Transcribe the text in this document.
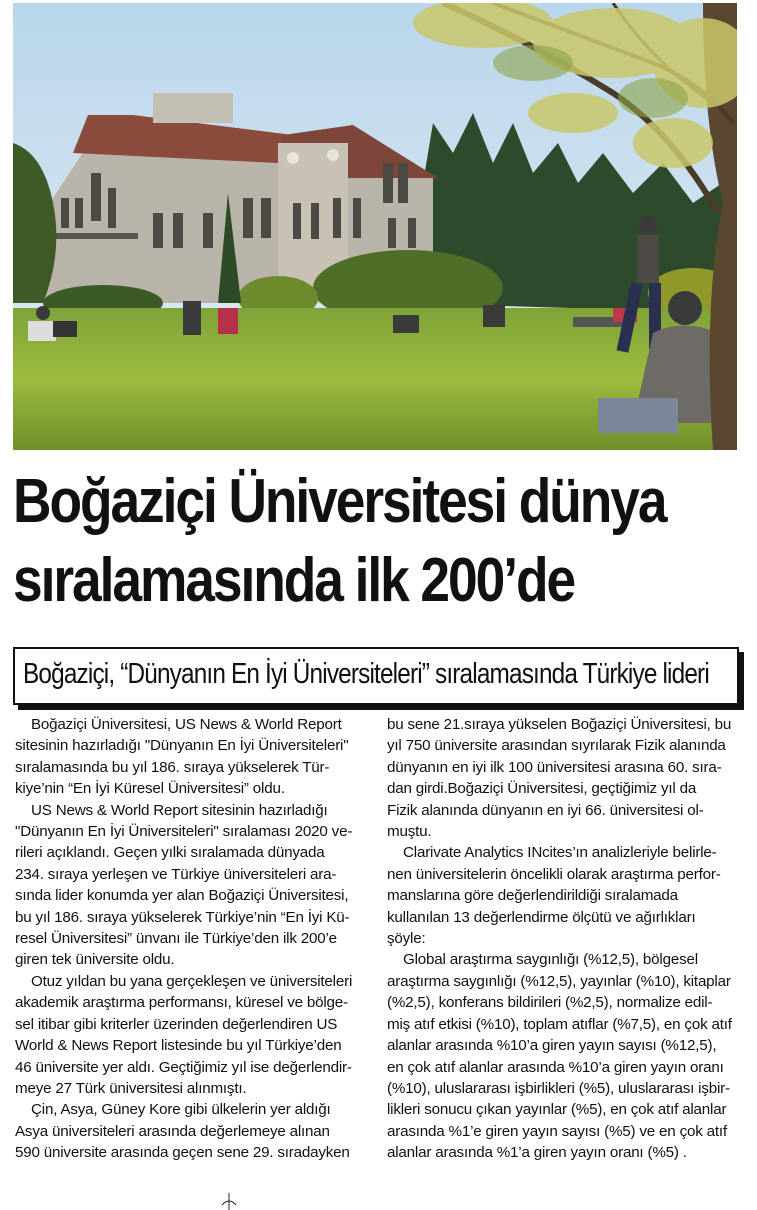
Boğaziçi Üniversitesi dünya
sıralamasında ilk 200’de
Boğaziçi, “Dünyanın En İyi Üniversiteleri” sıralamasında Türkiye lideri

Boğaziçi Üniversitesi, US News & World Report

sitesinin hazırladığı "Dünyanın En İyi Üniversiteleri"

sıralamasında bu yıl 186. sıraya yükselerek Tür-

kiye’nin “En İyi Küresel Üniversitesi” oldu.

US News & World Report sitesinin hazırladığı

"Dünyanın En İyi Üniversiteleri" sıralaması 2020 ve-

rileri açıklandı. Geçen yılki sıralamada dünyada

234. sıraya yerleşen ve Türkiye üniversiteleri ara-

sında lider konumda yer alan Boğaziçi Üniversitesi,

bu yıl 186. sıraya yükselerek Türkiye’nin “En İyi Kü-

resel Üniversitesi” ünvanı ile Türkiye’den ilk 200’e

giren tek üniversite oldu.

Otuz yıldan bu yana gerçekleşen ve üniversiteleri

akademik araştırma performansı, küresel ve bölge-

sel itibar gibi kriterler üzerinden değerlendiren US

World & News Report listesinde bu yıl Türkiye’den

46 üniversite yer aldı. Geçtiğimiz yıl ise değerlendir-

meye 27 Türk üniversitesi alınmıştı.

Çin, Asya, Güney Kore gibi ülkelerin yer aldığı

Asya üniversiteleri arasında değerlemeye alınan

590 üniversite arasında geçen sene 29. sıradayken

bu sene 21.sıraya yükselen Boğaziçi Üniversitesi, bu

yıl 750 üniversite arasından sıyrılarak Fizik alanında

dünyanın en iyi ilk 100 üniversitesi arasına 60. sıra-

dan girdi.Boğaziçi Üniversitesi, geçtiğimiz yıl da

Fizik alanında dünyanın en iyi 66. üniversitesi ol-

muştu.

Clarivate Analytics INcites’ın analizleriyle belirle-

nen üniversitelerin öncelikli olarak araştırma perfor-

manslarına göre değerlendirildiği sıralamada

kullanılan 13 değerlendirme ölçütü ve ağırlıkları

şöyle:

Global araştırma saygınlığı (%12,5), bölgesel

araştırma saygınlığı (%12,5), yayınlar (%10), kitaplar

(%2,5), konferans bildirileri (%2,5), normalize edil-

miş atıf etkisi (%10), toplam atıflar (%7,5), en çok atıf

alanlar arasında %10’a giren yayın sayısı (%12,5),

en çok atıf alanlar arasında %10’a giren yayın oranı

(%10), uluslararası işbirlikleri (%5), uluslararası işbir-

likleri sonucu çıkan yayınlar (%5), en çok atıf alanlar

arasında %1’e giren yayın sayısı (%5) ve en çok atıf

alanlar arasında %1’a giren yayın oranı (%5) .
